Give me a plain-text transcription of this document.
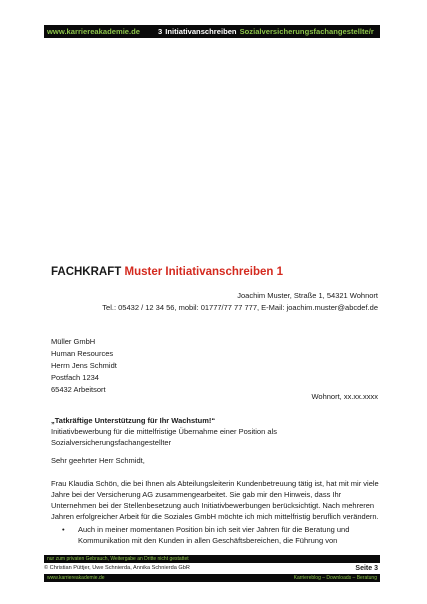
www.karriereakademie.de 3 Initiativanschreiben Sozialversicherungsfachangestellte/r
FACHKRAFT Muster Initiativanschreiben 1
Joachim Muster, Straße 1, 54321 Wohnort
Tel.: 05432 / 12 34 56, mobil: 01777/77 77 777, E-Mail: joachim.muster@abcdef.de
Müller GmbH
Human Resources
Herrn Jens Schmidt
Postfach 1234
65432 Arbeitsort
Wohnort, xx.xx.xxxx
„Tatkräftige Unterstützung für Ihr Wachstum!“
Initiativbewerbung für die mittelfristige Übernahme einer Position als
Sozialversicherungsfachangestellter
Sehr geehrter Herr Schmidt,
Frau Klaudia Schön, die bei Ihnen als Abteilungsleiterin Kundenbetreuung tätig ist, hat mit mir viele Jahre bei der Versicherung AG zusammengearbeitet. Sie gab mir den Hinweis, dass Ihr Unternehmen bei der Stellenbesetzung auch Initiativbewerbungen berücksichtigt. Nach mehreren Jahren erfolgreicher Arbeit für die Soziales GmbH möchte ich mich mittelfristig beruflich verändern.
•	Auch in meiner momentanen Position bin ich seit vier Jahren für die Beratung und Kommunikation mit den Kunden in allen Geschäftsbereichen, die Führung von
nur zum privaten Gebrauch, Weitergabe an Dritte nicht gestattet
© Christian Püttjer, Uwe Schnierda, Annika Schnierda GbR	Seite 3
www.karriereakademie.de	Karriereblog – Downloads – Beratung
